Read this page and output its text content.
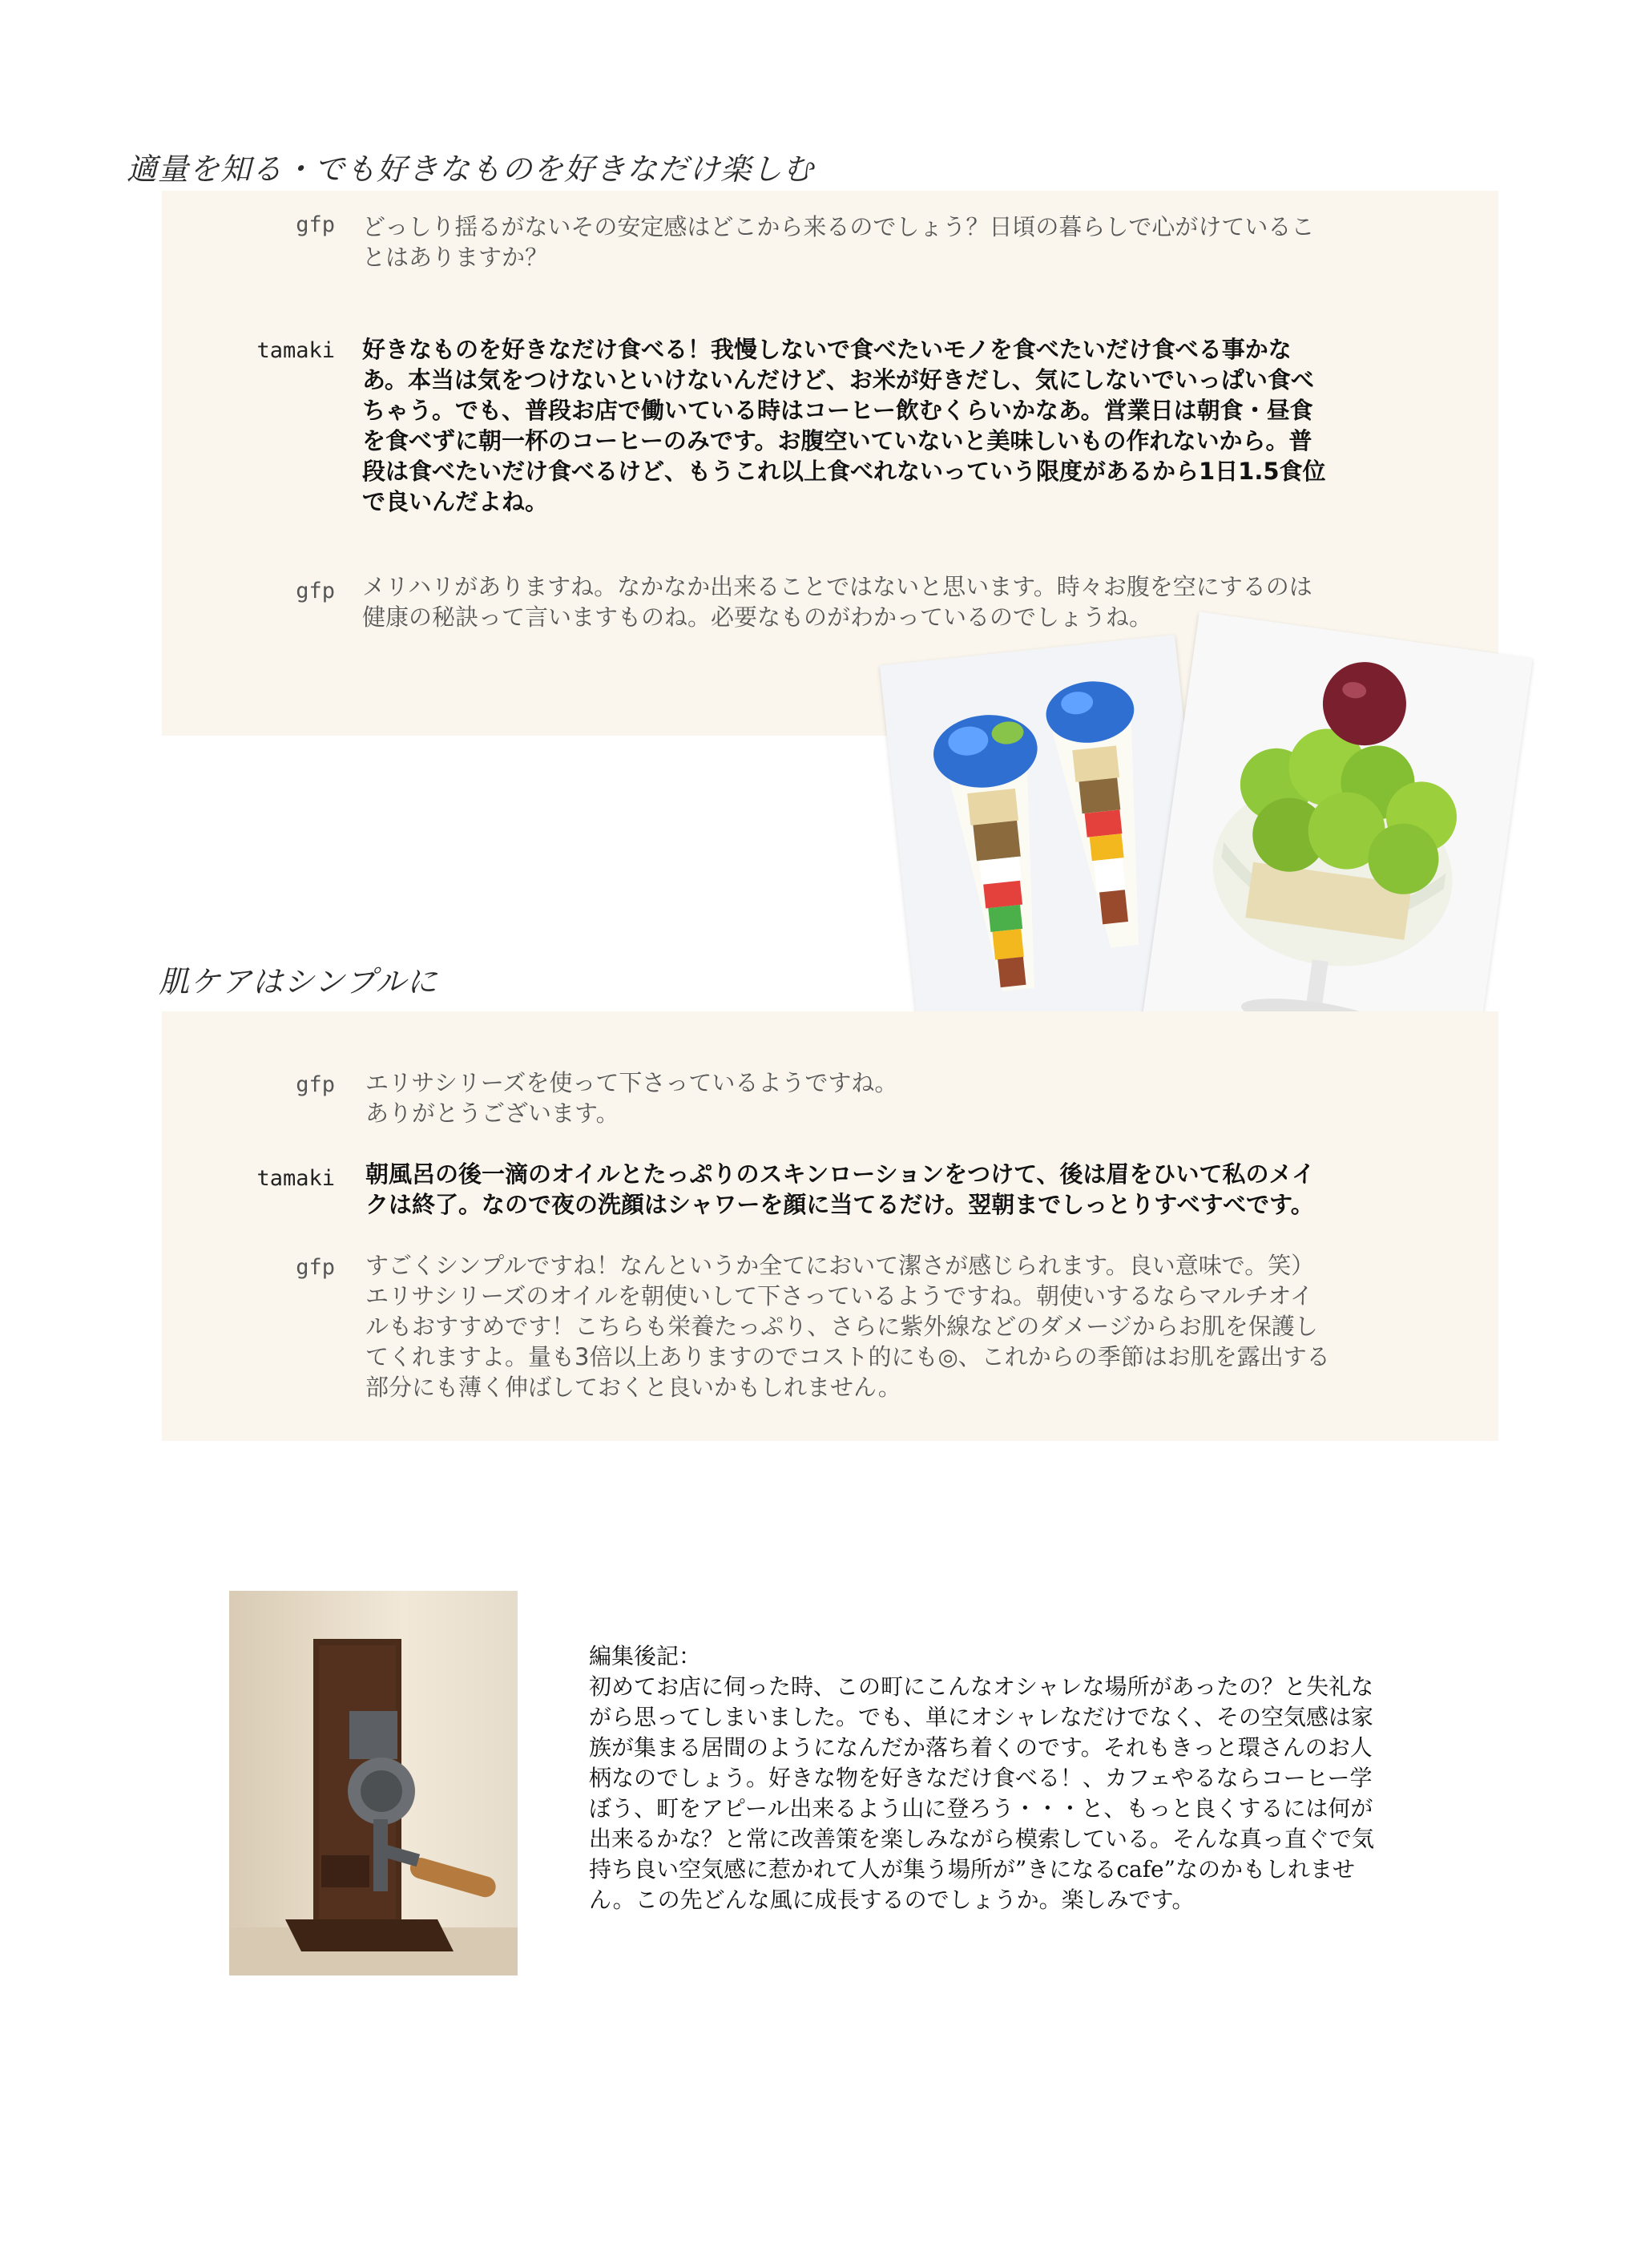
適量を知る・でも好きなものを好きなだけ楽しむ
gfp どっしり揺るがないその安定感はどこから来るのでしょう？日頃の暮らしで心がけているこ
とはありますか？
tamaki 好きなものを好きなだけ食べる！我慢しないで食べたいモノを食べたいだけ食べる事かな
あ。本当は気をつけないといけないんだけど、お米が好きだし、気にしないでいっぱい食べ
ちゃう。でも、普段お店で働いている時はコーヒー飲むくらいかなあ。営業日は朝食・昼食
を食べずに朝一杯のコーヒーのみです。お腹空いていないと美味しいもの作れないから。普
段は食べたいだけ食べるけど、もうこれ以上食べれないっていう限度があるから1日1.5食位
で良いんだよね。
gfp メリハリがありますね。なかなか出来ることではないと思います。時々お腹を空にするのは
健康の秘訣って言いますものね。必要なものがわかっているのでしょうね。
肌ケアはシンプルに
gfp エリサシリーズを使って下さっているようですね。
ありがとうございます。
tamaki 朝風呂の後一滴のオイルとたっぷりのスキンローションをつけて、後は眉をひいて私のメイ
クは終了。なので夜の洗顔はシャワーを顔に当てるだけ。翌朝までしっとりすべすべです。
gfp すごくシンプルですね！なんというか全てにおいて潔さが感じられます。良い意味で。笑）
エリサシリーズのオイルを朝使いして下さっているようですね。朝使いするならマルチオイ
ルもおすすめです！こちらも栄養たっぷり、さらに紫外線などのダメージからお肌を保護し
てくれますよ。量も3倍以上ありますのでコスト的にも◎、これからの季節はお肌を露出する
部分にも薄く伸ばしておくと良いかもしれません。
編集後記：
初めてお店に伺った時、この町にこんなオシャレな場所があったの？と失礼な
がら思ってしまいました。でも、単にオシャレなだけでなく、その空気感は家
族が集まる居間のようになんだか落ち着くのです。それもきっと環さんのお人
柄なのでしょう。好きな物を好きなだけ食べる！、カフェやるならコーヒー学
ぼう、町をアピール出来るよう山に登ろう・・・と、もっと良くするには何が
出来るかな？と常に改善策を楽しみながら模索している。そんな真っ直ぐで気
持ち良い空気感に惹かれて人が集う場所が”きになるcafe”なのかもしれませ
ん。この先どんな風に成長するのでしょうか。楽しみです。
